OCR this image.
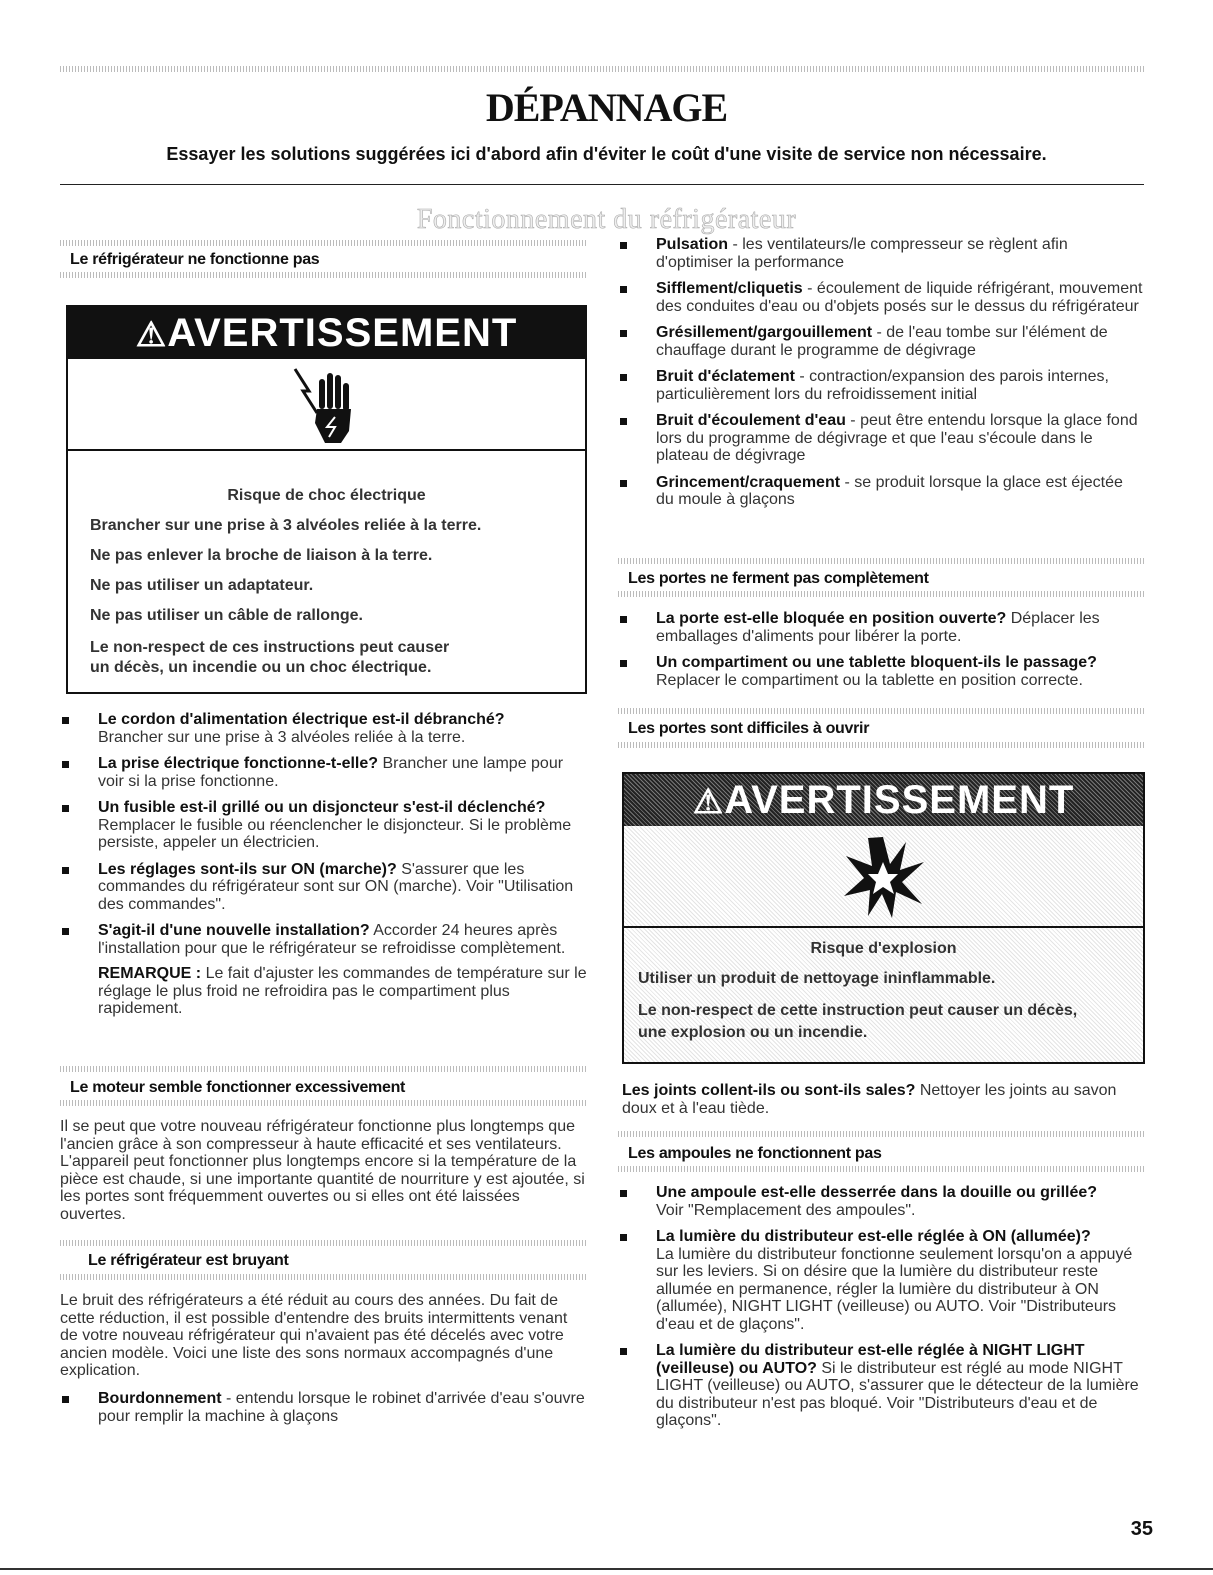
DÉPANNAGE
Essayer les solutions suggérées ici d'abord afin d'éviter le coût d'une visite de service non nécessaire.
Fonctionnement du réfrigérateur
Le réfrigérateur ne fonctionne pas
⚠AVERTISSEMENT
Risque de choc électrique
Brancher sur une prise à 3 alvéoles reliée à la terre.
Ne pas enlever la broche de liaison à la terre.
Ne pas utiliser un adaptateur.
Ne pas utiliser un câble de rallonge.
Le non-respect de ces instructions peut causer
un décès, un incendie ou un choc électrique.
Le cordon d'alimentation électrique est-il débranché?
Brancher sur une prise à 3 alvéoles reliée à la terre.
La prise électrique fonctionne-t-elle? Brancher une lampe pour voir si la prise fonctionne.
Un fusible est-il grillé ou un disjoncteur s'est-il déclenché? Remplacer le fusible ou réenclencher le disjoncteur. Si le problème persiste, appeler un électricien.
Les réglages sont-ils sur ON (marche)? S'assurer que les commandes du réfrigérateur sont sur ON (marche). Voir "Utilisation des commandes".
S'agit-il d'une nouvelle installation? Accorder 24 heures après l'installation pour que le réfrigérateur se refroidisse complètement.
REMARQUE : Le fait d'ajuster les commandes de température sur le réglage le plus froid ne refroidira pas le compartiment plus rapidement.
Le moteur semble fonctionner excessivement
Il se peut que votre nouveau réfrigérateur fonctionne plus longtemps que l'ancien grâce à son compresseur à haute efficacité et ses ventilateurs. L'appareil peut fonctionner plus longtemps encore si la température de la pièce est chaude, si une importante quantité de nourriture y est ajoutée, si les portes sont fréquemment ouvertes ou si elles ont été laissées ouvertes.
Le réfrigérateur est bruyant
Le bruit des réfrigérateurs a été réduit au cours des années. Du fait de cette réduction, il est possible d'entendre des bruits intermittents venant de votre nouveau réfrigérateur qui n'avaient pas été décelés avec votre ancien modèle. Voici une liste des sons normaux accompagnés d'une explication.
Bourdonnement - entendu lorsque le robinet d'arrivée d'eau s'ouvre pour remplir la machine à glaçons
Pulsation - les ventilateurs/le compresseur se règlent afin d'optimiser la performance
Sifflement/cliquetis - écoulement de liquide réfrigérant, mouvement des conduites d'eau ou d'objets posés sur le dessus du réfrigérateur
Grésillement/gargouillement - de l'eau tombe sur l'élément de chauffage durant le programme de dégivrage
Bruit d'éclatement - contraction/expansion des parois internes, particulièrement lors du refroidissement initial
Bruit d'écoulement d'eau - peut être entendu lorsque la glace fond lors du programme de dégivrage et que l'eau s'écoule dans le plateau de dégivrage
Grincement/craquement - se produit lorsque la glace est éjectée du moule à glaçons
Les portes ne ferment pas complètement
La porte est-elle bloquée en position ouverte? Déplacer les emballages d'aliments pour libérer la porte.
Un compartiment ou une tablette bloquent-ils le passage? Replacer le compartiment ou la tablette en position correcte.
Les portes sont difficiles à ouvrir
⚠AVERTISSEMENT
Risque d'explosion
Utiliser un produit de nettoyage ininflammable.
Le non-respect de cette instruction peut causer un décès,
une explosion ou un incendie.
Les joints collent-ils ou sont-ils sales? Nettoyer les joints au savon doux et à l'eau tiède.
Les ampoules ne fonctionnent pas
Une ampoule est-elle desserrée dans la douille ou grillée?
Voir "Remplacement des ampoules".
La lumière du distributeur est-elle réglée à ON (allumée)?
La lumière du distributeur fonctionne seulement lorsqu'on a appuyé sur les leviers. Si on désire que la lumière du distributeur reste allumée en permanence, régler la lumière du distributeur à ON (allumée), NIGHT LIGHT (veilleuse) ou AUTO. Voir "Distributeurs d'eau et de glaçons".
La lumière du distributeur est-elle réglée à NIGHT LIGHT (veilleuse) ou AUTO? Si le distributeur est réglé au mode NIGHT LIGHT (veilleuse) ou AUTO, s'assurer que le détecteur de la lumière du distributeur n'est pas bloqué. Voir "Distributeurs d'eau et de glaçons".
35
